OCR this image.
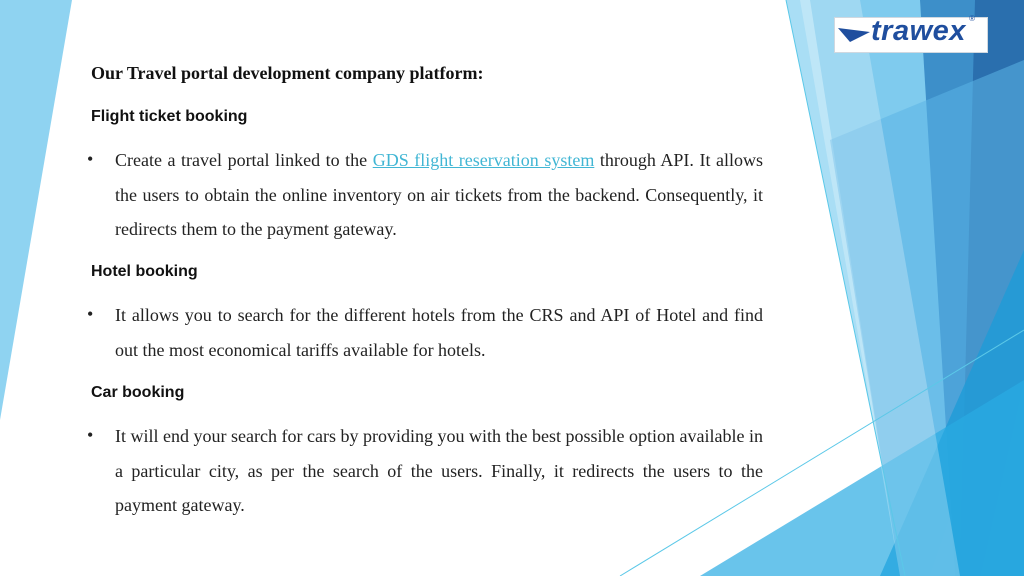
trawex ®
Our Travel portal development company platform:
Flight ticket booking
• Create a travel portal linked to the GDS flight reservation system through API. It allows the users to obtain the online inventory on air tickets from the backend. Consequently, it redirects them to the payment gateway.
Hotel booking
• It allows you to search for the different hotels from the CRS and API of Hotel and find out the most economical tariffs available for hotels.
Car booking
• It will end your search for cars by providing you with the best possible option available in a particular city, as per the search of the users. Finally, it redirects the users to the payment gateway.
